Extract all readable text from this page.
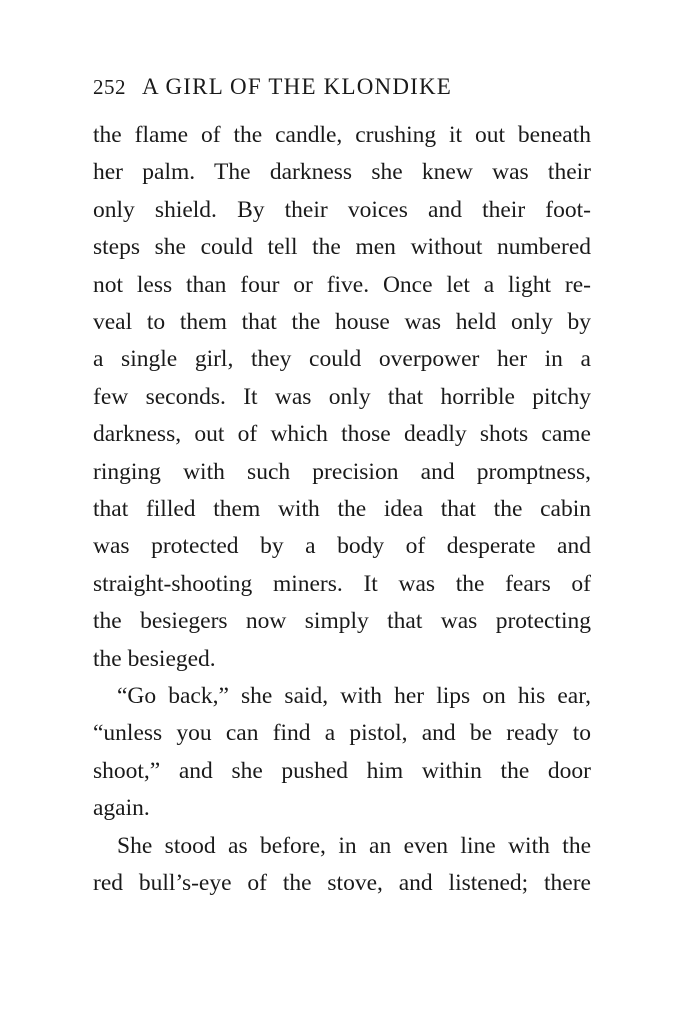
252 A GIRL OF THE KLONDIKE
the flame of the candle, crushing it out beneath
her palm. The darkness she knew was their
only shield. By their voices and their foot-
steps she could tell the men without numbered
not less than four or five. Once let a light re-
veal to them that the house was held only by
a single girl, they could overpower her in a
few seconds. It was only that horrible pitchy
darkness, out of which those deadly shots came
ringing with such precision and promptness,
that filled them with the idea that the cabin
was protected by a body of desperate and
straight-shooting miners. It was the fears of
the besiegers now simply that was protecting
the besieged.
“Go back,” she said, with her lips on his ear,
“unless you can find a pistol, and be ready to
shoot,” and she pushed him within the door
again.
She stood as before, in an even line with the
red bull’s-eye of the stove, and listened; there
